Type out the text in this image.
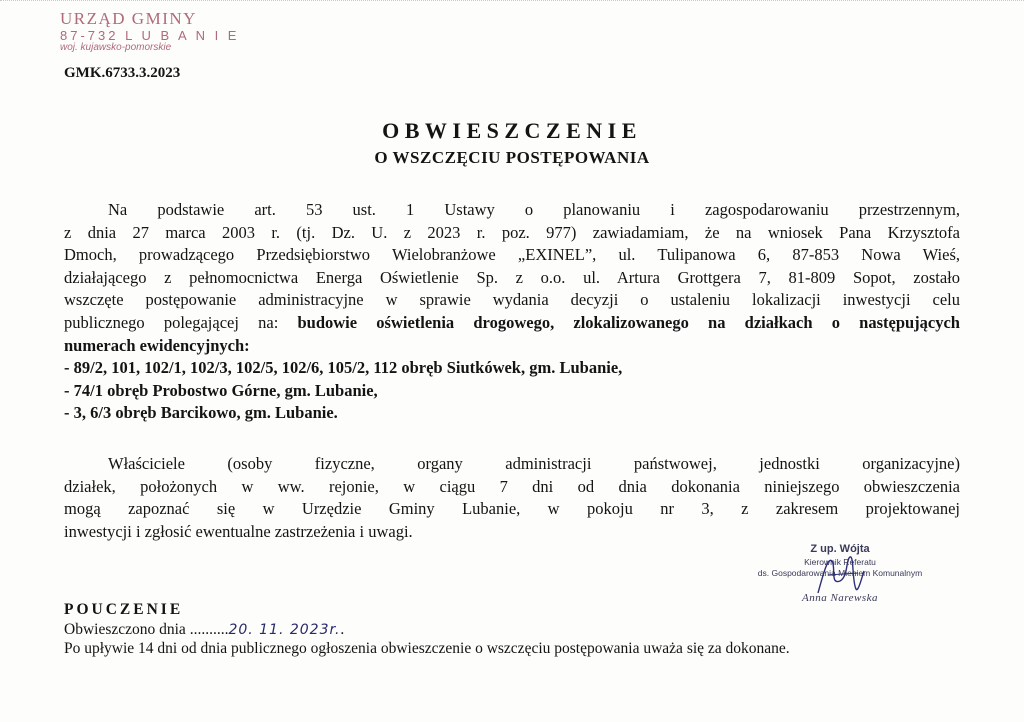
URZĄD GMINY
87-732 L U B A N I E
woj. kujawsko-pomorskie
GMK.6733.3.2023
OBWIESZCZENIE
O WSZCZĘCIU POSTĘPOWANIA

Na podstawie art. 53 ust. 1 Ustawy o planowaniu i zagospodarowaniu przestrzennym,

z dnia 27 marca 2003 r. (tj. Dz. U. z 2023 r. poz. 977) zawiadamiam, że na wniosek Pana Krzysztofa

Dmoch, prowadzącego Przedsiębiorstwo Wielobranżowe „EXINEL”, ul. Tulipanowa 6, 87-853 Nowa Wieś,

działającego z pełnomocnictwa Energa Oświetlenie Sp. z o.o. ul. Artura Grottgera 7, 81-809 Sopot, zostało

wszczęte postępowanie administracyjne w sprawie wydania decyzji o ustaleniu lokalizacji inwestycji celu

publicznego polegającej na: budowie oświetlenia drogowego, zlokalizowanego na działkach o następujących

numerach ewidencyjnych:

- 89/2, 101, 102/1, 102/3, 102/5, 102/6, 105/2, 112 obręb Siutkówek, gm. Lubanie,

- 74/1 obręb Probostwo Górne, gm. Lubanie,

- 3, 6/3 obręb Barcikowo, gm. Lubanie.

Właściciele (osoby fizyczne, organy administracji państwowej, jednostki organizacyjne)

działek, położonych w ww. rejonie, w ciągu 7 dni od dnia dokonania niniejszego obwieszczenia

mogą zapoznać się w Urzędzie Gminy Lubanie, w pokoju nr 3, z zakresem projektowanej

inwestycji i zgłosić ewentualne zastrzeżenia i uwagi.

Z up. Wójta
Kierownik Referatu
ds. Gospodarowania Mieniem Komunalnym
Anna Narewska
POUCZENIE
Obwieszczono dnia ..........20. 11. 2023r..
Po upływie 14 dni od dnia publicznego ogłoszenia obwieszczenie o wszczęciu postępowania uważa się za dokonane.
